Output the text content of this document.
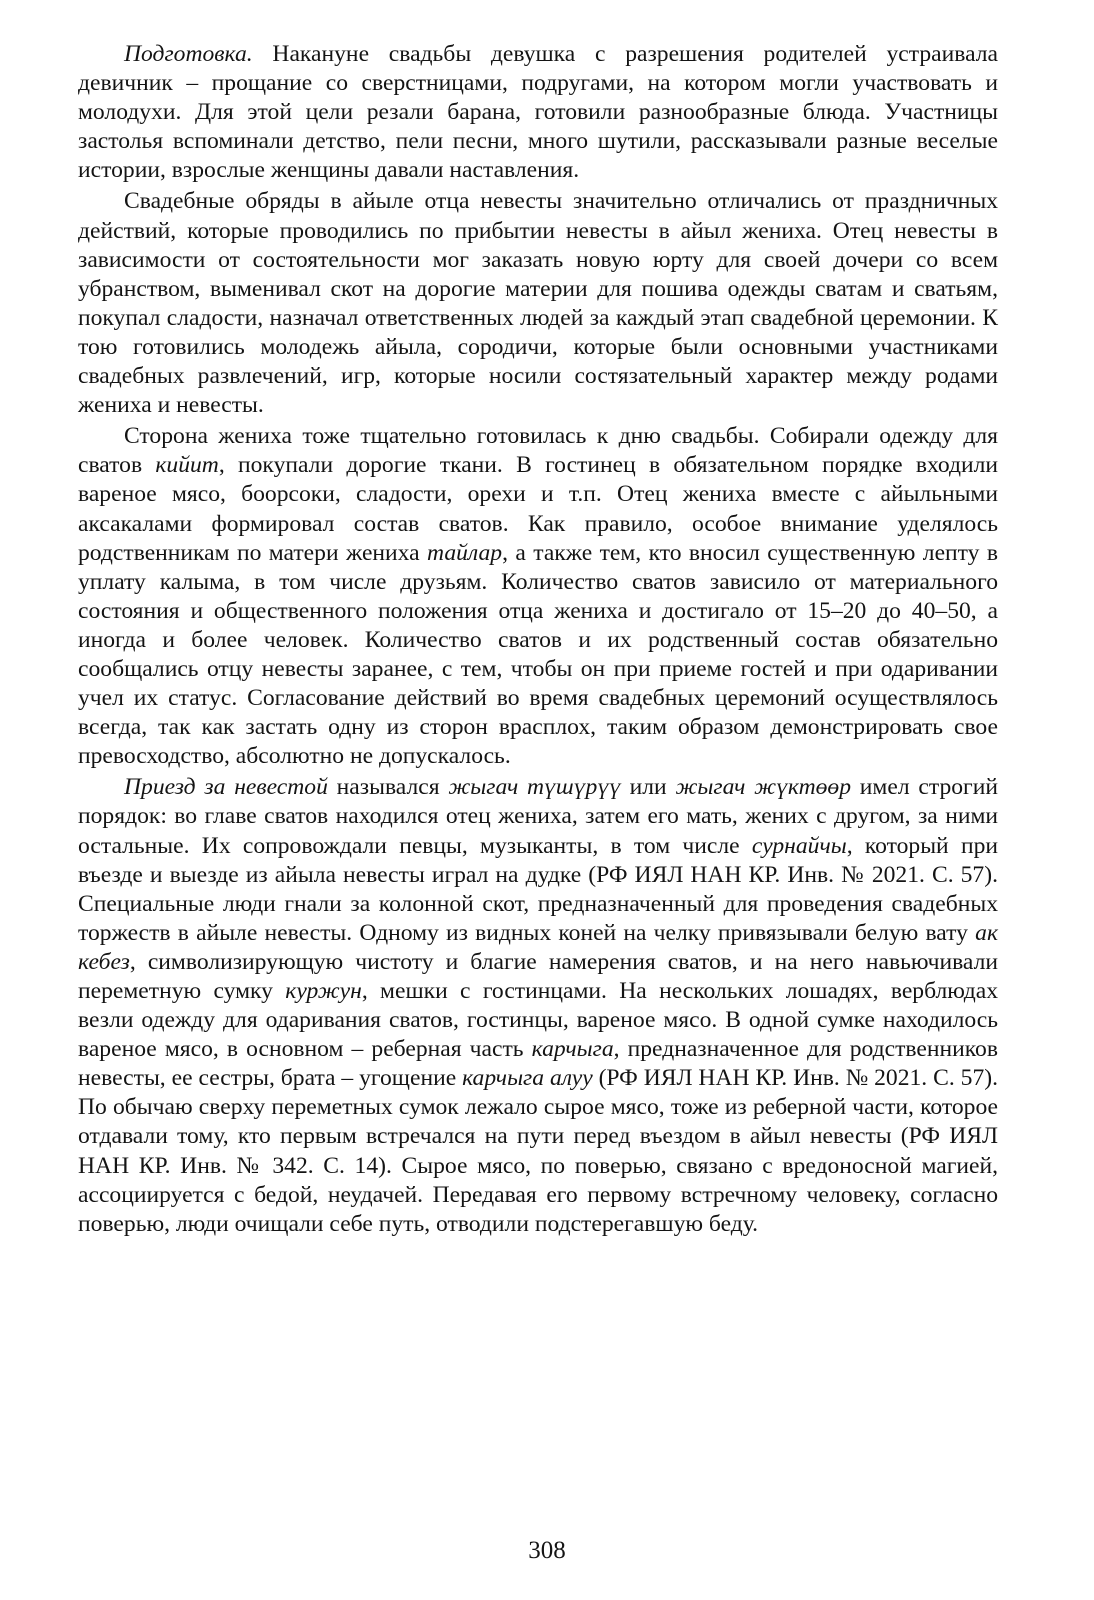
Подготовка. Накануне свадьбы девушка с разрешения родителей устраивала девичник – прощание со сверстницами, подругами, на котором могли участвовать и молодухи. Для этой цели резали барана, готовили разнообразные блюда. Участницы застолья вспоминали детство, пели песни, много шутили, рассказывали разные веселые истории, взрослые женщины давали наставления.

Свадебные обряды в айыле отца невесты значительно отличались от праздничных действий, которые проводились по прибытии невесты в айыл жениха. Отец невесты в зависимости от состоятельности мог заказать новую юрту для своей дочери со всем убранством, выменивал скот на дорогие материи для пошива одежды сватам и сватьям, покупал сладости, назначал ответственных людей за каждый этап свадебной церемонии. К тою готовились молодежь айыла, сородичи, которые были основными участниками свадебных развлечений, игр, которые носили состязательный характер между родами жениха и невесты.

Сторона жениха тоже тщательно готовилась к дню свадьбы. Собирали одежду для сватов кийит, покупали дорогие ткани. В гостинец в обязательном порядке входили вареное мясо, боорсоки, сладости, орехи и т.п. Отец жениха вместе с айыльными аксакалами формировал состав сватов. Как правило, особое внимание уделялось родственникам по матери жениха тайлар, а также тем, кто вносил существенную лепту в уплату калыма, в том числе друзьям. Количество сватов зависило от материального состояния и общественного положения отца жениха и достигало от 15–20 до 40–50, а иногда и более человек. Количество сватов и их родственный состав обязательно сообщались отцу невесты заранее, с тем, чтобы он при приеме гостей и при одаривании учел их статус. Согласование действий во время свадебных церемоний осуществлялось всегда, так как застать одну из сторон врасплох, таким образом демонстрировать свое превосходство, абсолютно не допускалось.

Приезд за невестой назывался жыгач түшүрүү или жыгач жүктөөр имел строгий порядок: во главе сватов находился отец жениха, затем его мать, жених с другом, за ними остальные. Их сопровождали певцы, музыканты, в том числе сурнайчы, который при въезде и выезде из айыла невесты играл на дудке (РФ ИЯЛ НАН КР. Инв. № 2021. С. 57). Специальные люди гнали за колонной скот, предназначенный для проведения свадебных торжеств в айыле невесты. Одному из видных коней на челку привязывали белую вату ак кебез, символизирующую чистоту и благие намерения сватов, и на него навьючивали переметную сумку куржун, мешки с гостинцами. На нескольких лошадях, верблюдах везли одежду для одаривания сватов, гостинцы, вареное мясо. В одной сумке находилось вареное мясо, в основном – реберная часть карчыга, предназначенное для родственников невесты, ее сестры, брата – угощение карчыга алуу (РФ ИЯЛ НАН КР. Инв. № 2021. С. 57). По обычаю сверху переметных сумок лежало сырое мясо, тоже из реберной части, которое отдавали тому, кто первым встречался на пути перед въездом в айыл невесты (РФ ИЯЛ НАН КР. Инв. № 342. С. 14). Сырое мясо, по поверью, связано с вредоносной магией, ассоциируется с бедой, неудачей. Передавая его первому встречному человеку, согласно поверью, люди очищали себе путь, отводили подстерегавшую беду.

308
